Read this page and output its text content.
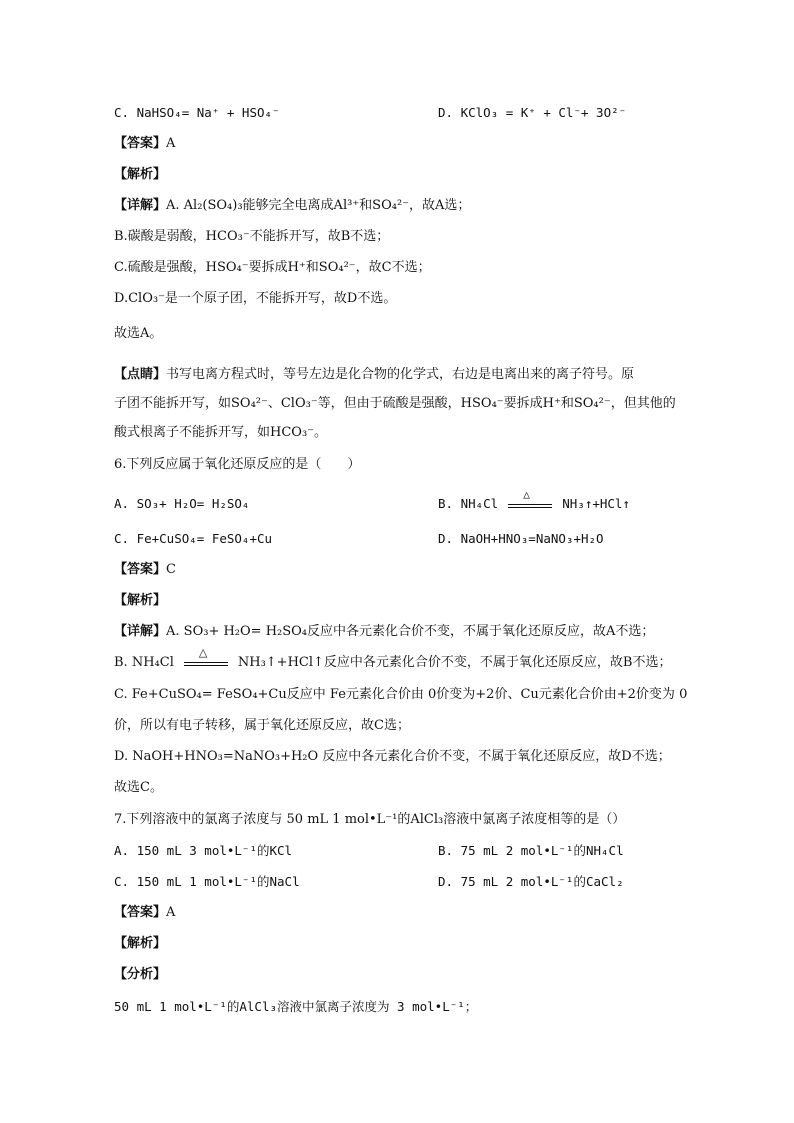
C. NaHSO₄= Na⁺ + HSO₄⁻	D. KClO₃ = K⁺ + Cl⁻+ 3O²⁻
【答案】A
【解析】
【详解】A. Al₂(SO₄)₃能够完全电离成Al³⁺和SO₄²⁻，故A选；
B.碳酸是弱酸，HCO₃⁻不能拆开写，故B不选；
C.硫酸是强酸，HSO₄⁻要拆成H⁺和SO₄²⁻，故C不选；
D.ClO₃⁻是一个原子团，不能拆开写，故D不选。
故选A。
【点睛】书写电离方程式时，等号左边是化合物的化学式，右边是电离出来的离子符号。原
子团不能拆开写，如SO₄²⁻、ClO₃⁻等，但由于硫酸是强酸，HSO₄⁻要拆成H⁺和SO₄²⁻，但其他的
酸式根离子不能拆开写，如HCO₃⁻。
6.下列反应属于氧化还原反应的是（　　）
A. SO₃+ H₂O= H₂SO₄	B. NH₄Cl
△
NH₃↑+HCl↑
C. Fe+CuSO₄= FeSO₄+Cu	D. NaOH+HNO₃=NaNO₃+H₂O
【答案】C
【解析】
【详解】A. SO₃+ H₂O= H₂SO₄反应中各元素化合价不变，不属于氧化还原反应，故A不选；
B. NH₄Cl
△
NH₃↑+HCl↑反应中各元素化合价不变，不属于氧化还原反应，故B不选；
C. Fe+CuSO₄= FeSO₄+Cu反应中 Fe元素化合价由 0价变为+2价、Cu元素化合价由+2价变为 0
价，所以有电子转移，属于氧化还原反应，故C选；
D. NaOH+HNO₃=NaNO₃+H₂O 反应中各元素化合价不变，不属于氧化还原反应，故D不选；
故选C。
7.下列溶液中的氯离子浓度与 50 mL 1 mol•L⁻¹的AlCl₃溶液中氯离子浓度相等的是（）
A. 150 mL 3 mol•L⁻¹的KCl	B. 75 mL 2 mol•L⁻¹的NH₄Cl
C. 150 mL 1 mol•L⁻¹的NaCl	D. 75 mL 2 mol•L⁻¹的CaCl₂
【答案】A
【解析】
【分析】
50 mL 1 mol•L⁻¹的AlCl₃溶液中氯离子浓度为 3 mol•L⁻¹；
